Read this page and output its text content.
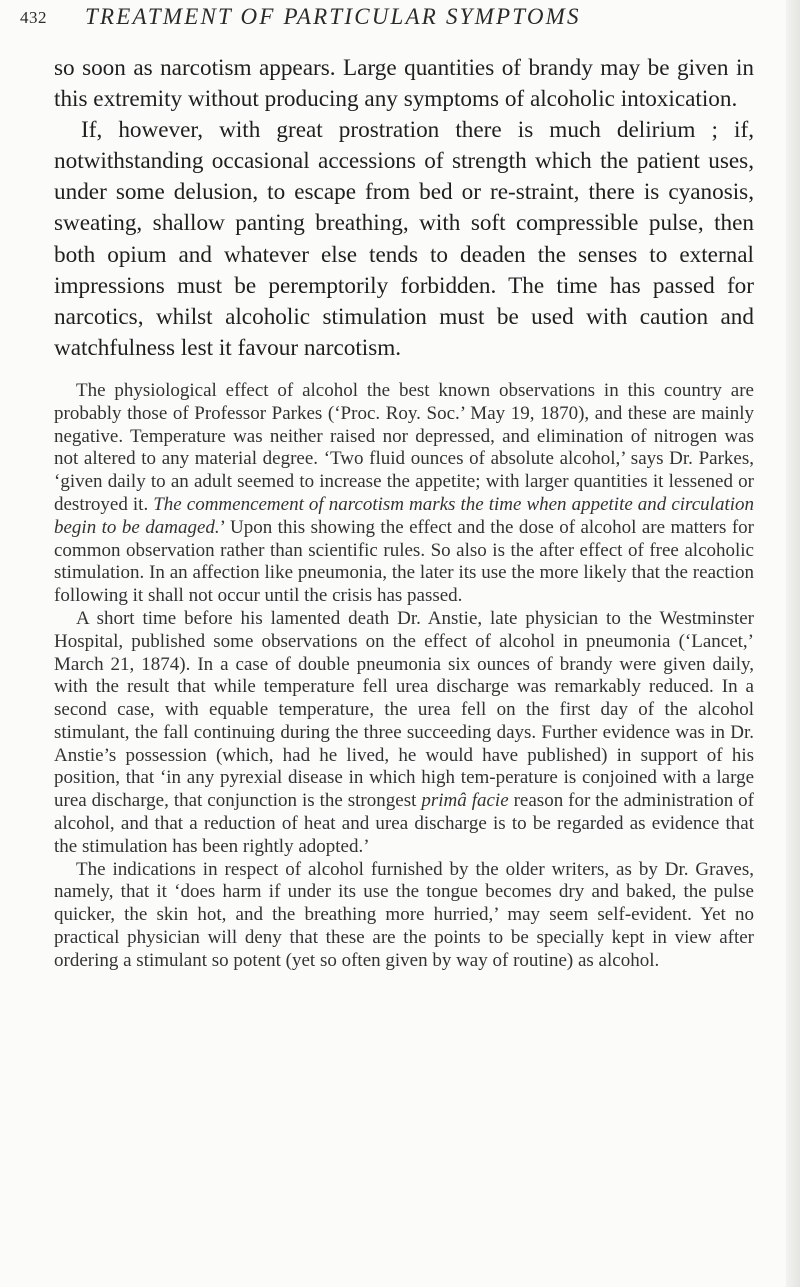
432 TREATMENT OF PARTICULAR SYMPTOMS

so soon as narcotism appears. Large quantities of brandy may be given in this extremity without producing any symptoms of alcoholic intoxication.

If, however, with great prostration there is much delirium ; if, notwithstanding occasional accessions of strength which the patient uses, under some delusion, to escape from bed or re-straint, there is cyanosis, sweating, shallow panting breathing, with soft compressible pulse, then both opium and whatever else tends to deaden the senses to external impressions must be peremptorily forbidden. The time has passed for narcotics, whilst alcoholic stimulation must be used with caution and watchfulness lest it favour narcotism.

The physiological effect of alcohol the best known observations in this country are probably those of Professor Parkes (‘Proc. Roy. Soc.’ May 19, 1870), and these are mainly negative. Temperature was neither raised nor depressed, and elimination of nitrogen was not altered to any material degree. ‘Two fluid ounces of absolute alcohol,’ says Dr. Parkes, ‘given daily to an adult seemed to increase the appetite; with larger quantities it lessened or destroyed it. The commencement of narcotism marks the time when appetite and circulation begin to be damaged.’ Upon this showing the effect and the dose of alcohol are matters for common observation rather than scientific rules. So also is the after effect of free alcoholic stimulation. In an affection like pneumonia, the later its use the more likely that the reaction following it shall not occur until the crisis has passed.

A short time before his lamented death Dr. Anstie, late physician to the Westminster Hospital, published some observations on the effect of alcohol in pneumonia (‘Lancet,’ March 21, 1874). In a case of double pneumonia six ounces of brandy were given daily, with the result that while temperature fell urea discharge was remarkably reduced. In a second case, with equable temperature, the urea fell on the first day of the alcohol stimulant, the fall continuing during the three succeeding days. Further evidence was in Dr. Anstie’s possession (which, had he lived, he would have published) in support of his position, that ‘in any pyrexial disease in which high tem-perature is conjoined with a large urea discharge, that conjunction is the strongest primâ facie reason for the administration of alcohol, and that a reduction of heat and urea discharge is to be regarded as evidence that the stimulation has been rightly adopted.’

The indications in respect of alcohol furnished by the older writers, as by Dr. Graves, namely, that it ‘does harm if under its use the tongue becomes dry and baked, the pulse quicker, the skin hot, and the breathing more hurried,’ may seem self-evident. Yet no practical physician will deny that these are the points to be specially kept in view after ordering a stimulant so potent (yet so often given by way of routine) as alcohol.
